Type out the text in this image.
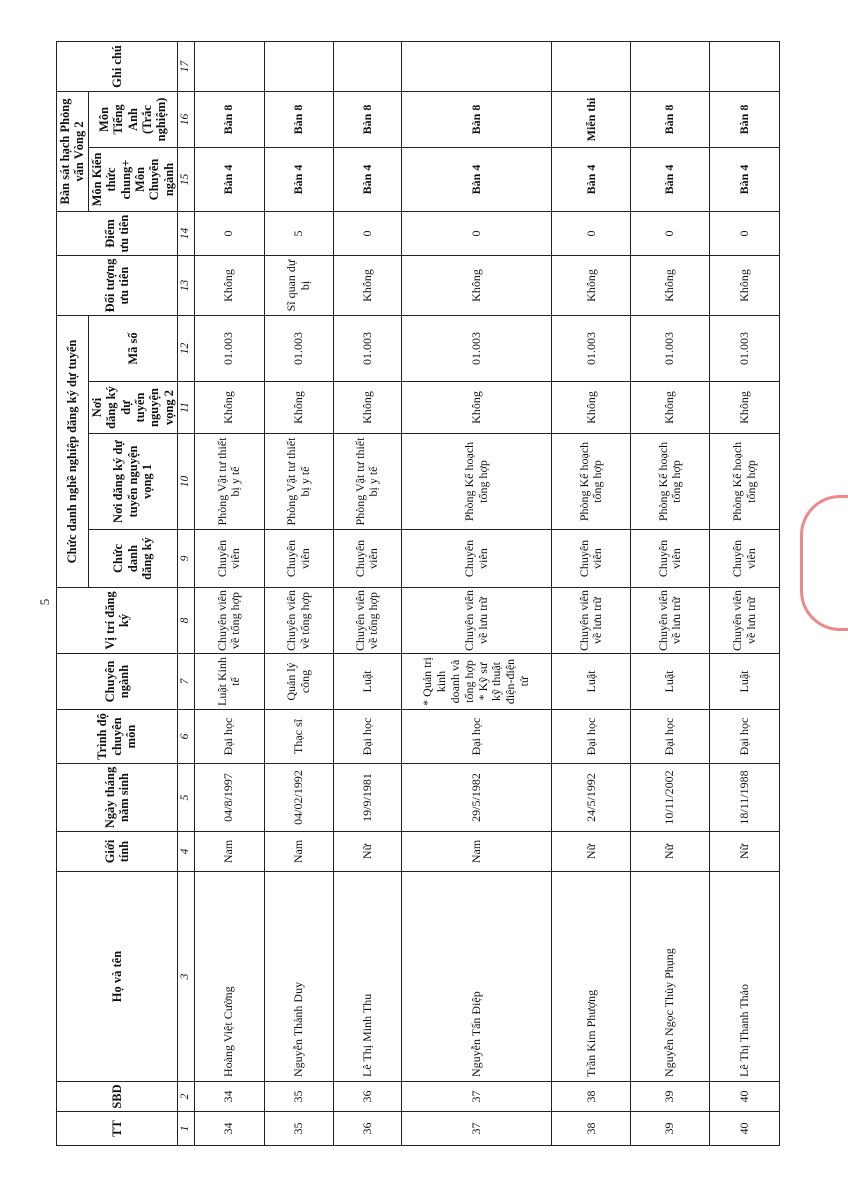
5
TT	SBD	Họ và tên	Giới tính	Ngày tháng năm sinh	Trình độ chuyên môn	Chuyên ngành	Vị trí đăng ký	Chức danh nghề nghiệp đăng ký dự tuyển				Đối tượng ưu tiên	Điểm ưu tiên	Bàn sát hạch Phỏng vấn Vòng 2		Ghi chú
								Chức danh đăng ký	Nơi đăng ký dự tuyển nguyện vọng 1	Nơi đăng ký dự tuyển nguyện vọng 2	Mã số			Môn Kiến thức chung+ Môn Chuyên ngành	Môn Tiếng Anh (Trắc nghiệm)	
1	2	3	4	5	6	7	8	9	10	11	12	13	14	15	16	17
34	34	Hoàng Việt Cường	Nam	04/8/1997	Đại học	Luật Kinh tế	Chuyên viên về tổng hợp	Chuyên viên	Phòng Vật tư thiết bị y tế	Không	01.003	Không	0	Bàn 4	Bàn 8	
35	35	Nguyễn Thành Duy	Nam	04/02/1992	Thạc sĩ	Quản lý công	Chuyên viên về tổng hợp	Chuyên viên	Phòng Vật tư thiết bị y tế	Không	01.003	Sĩ quan dự bị	5	Bàn 4	Bàn 8	
36	36	Lê Thị Minh Thu	Nữ	19/9/1981	Đại học	Luật	Chuyên viên về tổng hợp	Chuyên viên	Phòng Vật tư thiết bị y tế	Không	01.003	Không	0	Bàn 4	Bàn 8	
37	37	Nguyễn Tấn Điệp	Nam	29/5/1982	Đại học	* Quản trị kinh doanh và tổng hợp * Kỹ sư kỹ thuật điện-điện tử	Chuyên viên về lưu trữ	Chuyên viên	Phòng Kế hoạch tổng hợp	Không	01.003	Không	0	Bàn 4	Bàn 8	
38	38	Trần Kim Phượng	Nữ	24/5/1992	Đại học	Luật	Chuyên viên về lưu trữ	Chuyên viên	Phòng Kế hoạch tổng hợp	Không	01.003	Không	0	Bàn 4	Miễn thi	
39	39	Nguyễn Ngọc Thùy Phụng	Nữ	10/11/2002	Đại học	Luật	Chuyên viên về lưu trữ	Chuyên viên	Phòng Kế hoạch tổng hợp	Không	01.003	Không	0	Bàn 4	Bàn 8	
40	40	Lê Thị Thanh Thảo	Nữ	18/11/1988	Đại học	Luật	Chuyên viên về lưu trữ	Chuyên viên	Phòng Kế hoạch tổng hợp	Không	01.003	Không	0	Bàn 4	Bàn 8	
